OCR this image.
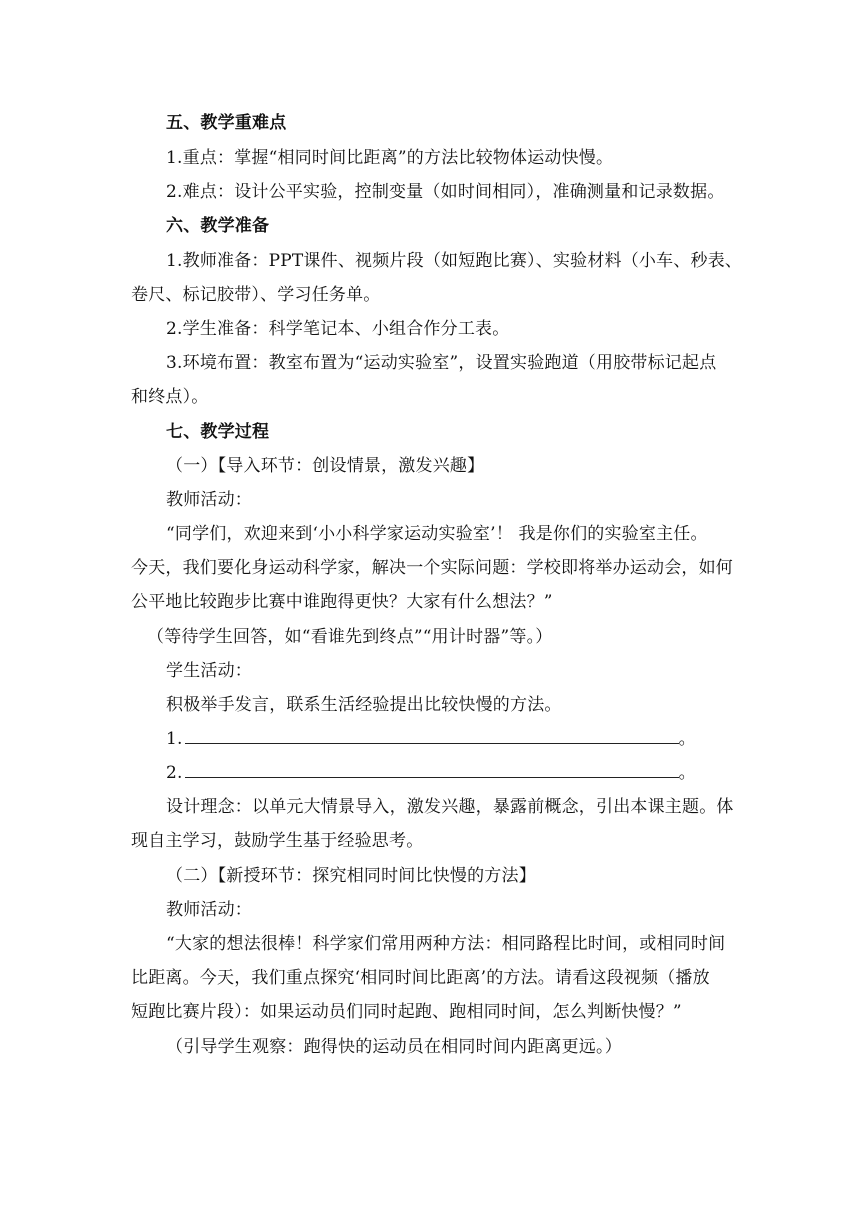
五、教学重难点
1.重点：掌握“相同时间比距离”的方法比较物体运动快慢。
2.难点：设计公平实验，控制变量（如时间相同），准确测量和记录数据。
六、教学准备
1.教师准备：PPT课件、视频片段（如短跑比赛）、实验材料（小车、秒表、
卷尺、标记胶带）、学习任务单。
2.学生准备：科学笔记本、小组合作分工表。
3.环境布置：教室布置为“运动实验室”，设置实验跑道（用胶带标记起点
和终点）。
七、教学过程
（一）【导入环节：创设情景，激发兴趣】
教师活动：
“同学们，欢迎来到‘小小科学家运动实验室’！ 我是你们的实验室主任。
今天，我们要化身运动科学家，解决一个实际问题：学校即将举办运动会，如何
公平地比较跑步比赛中谁跑得更快？大家有什么想法？”
（等待学生回答，如“看谁先到终点”“用计时器”等。）
学生活动：
积极举手发言，联系生活经验提出比较快慢的方法。
1.	。
2.	。
设计理念：以单元大情景导入，激发兴趣，暴露前概念，引出本课主题。体
现自主学习，鼓励学生基于经验思考。
（二）【新授环节：探究相同时间比快慢的方法】
教师活动：
“大家的想法很棒！科学家们常用两种方法：相同路程比时间，或相同时间
比距离。今天，我们重点探究‘相同时间比距离’的方法。请看这段视频（播放
短跑比赛片段）：如果运动员们同时起跑、跑相同时间，怎么判断快慢？”
（引导学生观察：跑得快的运动员在相同时间内距离更远。）
